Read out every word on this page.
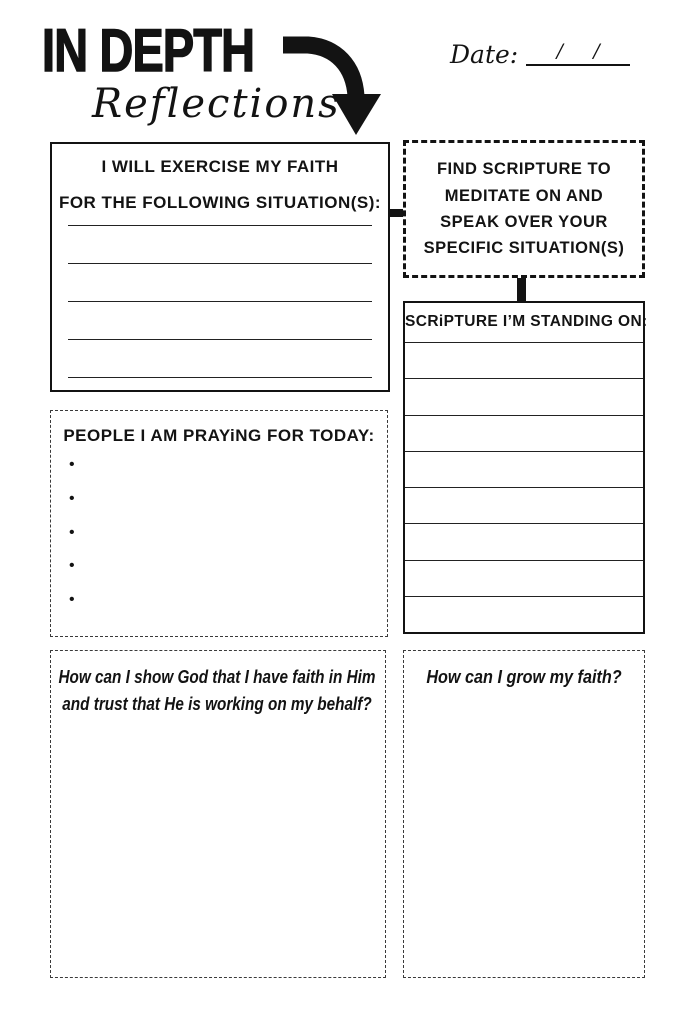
IN DEPTH
Reflections
Date: / /
I WILL EXERCISE MY FAITH
FOR THE FOLLOWING SITUATION(S):
FIND SCRIPTURE TO MEDITATE ON AND SPEAK OVER YOUR SPECIFIC SITUATION(S)
SCRiPTURE I’M STANDING ON:
PEOPLE I AM PRAYiNG FOR TODAY:
•
•
•
•
•
How can I show God that I have faith in Him
and trust that He is working on my behalf?
How can I grow my faith?
